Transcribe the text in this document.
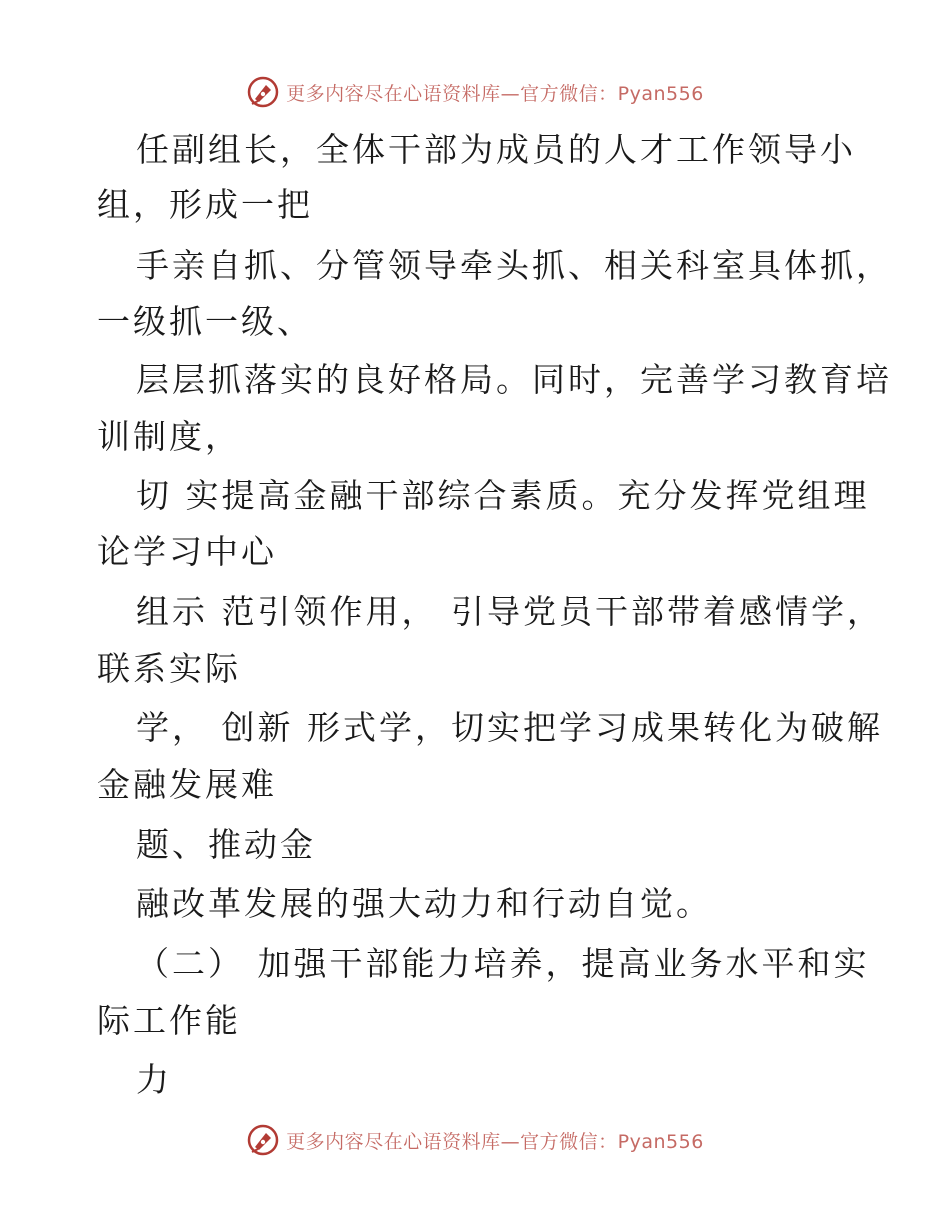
更多内容尽在心语资料库—官方微信：Pyan556
任副组长，全体干部为成员的人才工作领导小
组，形成一把
手亲自抓、分管领导牵头抓、相关科室具体抓，
一级抓一级、
层层抓落实的良好格局。同时，完善学习教育培
训制度，
切 实提高金融干部综合素质。充分发挥党组理
论学习中心
组示 范引领作用， 引导党员干部带着感情学，
联系实际
学， 创新 形式学，切实把学习成果转化为破解
金融发展难
题、推动金
融改革发展的强大动力和行动自觉。
（二） 加强干部能力培养，提高业务水平和实
际工作能
力
更多内容尽在心语资料库—官方微信：Pyan556
